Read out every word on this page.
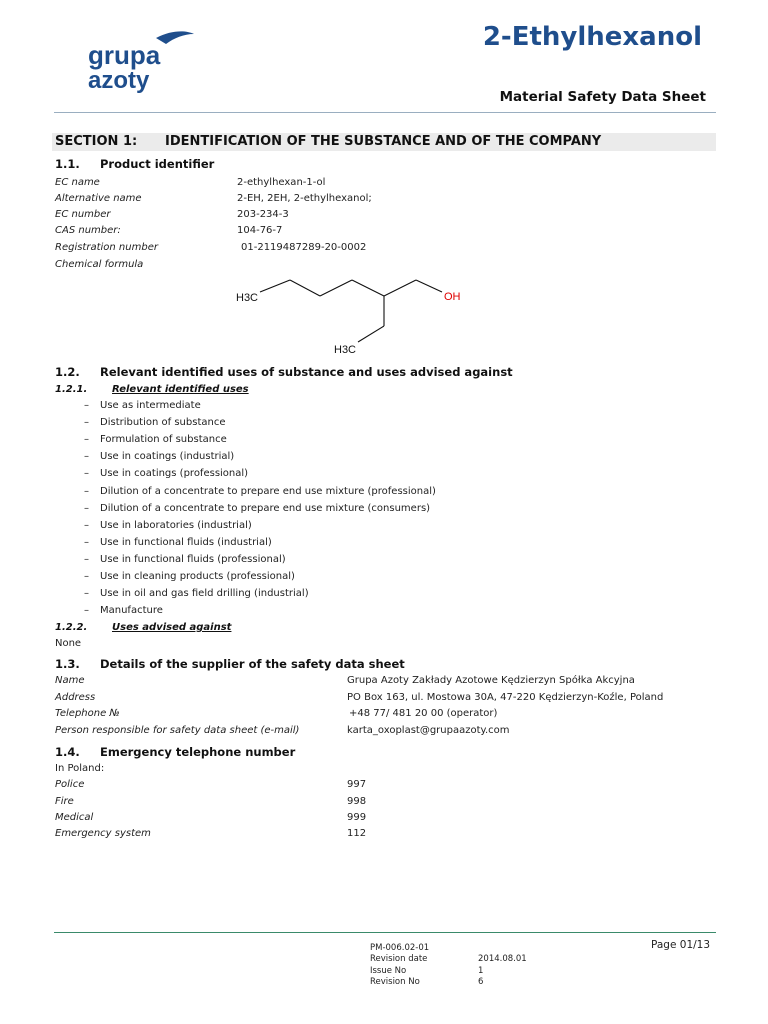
grupa
azoty
2-Ethylhexanol
Material Safety Data Sheet
SECTION 1: IDENTIFICATION OF THE SUBSTANCE AND OF THE COMPANY
1.1. Product identifier
EC name	2-ethylhexan-1-ol
Alternative name	2-EH, 2EH, 2-ethylhexanol;
EC number	203-234-3
CAS number:	104-76-7
Registration number	01-2119487289-20-0002
Chemical formula
H3C
H3C
OH
1.2. Relevant identified uses of substance and uses advised against
1.2.1. Relevant identified uses
– Use as intermediate
– Distribution of substance
– Formulation of substance
– Use in coatings (industrial)
– Use in coatings (professional)
– Dilution of a concentrate to prepare end use mixture (professional)
– Dilution of a concentrate to prepare end use mixture (consumers)
– Use in laboratories (industrial)
– Use in functional fluids (industrial)
– Use in functional fluids (professional)
– Use in cleaning products (professional)
– Use in oil and gas field drilling (industrial)
– Manufacture
1.2.2. Uses advised against
None
1.3. Details of the supplier of the safety data sheet
Name	Grupa Azoty Zakłady Azotowe Kędzierzyn Spółka Akcyjna
Address	PO Box 163, ul. Mostowa 30A, 47-220 Kędzierzyn-Koźle, Poland
Telephone №	+48 77/ 481 20 00 (operator)
Person responsible for safety data sheet (e-mail)	karta_oxoplast@grupaazoty.com
1.4. Emergency telephone number
In Poland:
Police	997
Fire	998
Medical	999
Emergency system	112
PM-006.02-01	Page 01/13
Revision date	2014.08.01
Issue No	1
Revision No	6
